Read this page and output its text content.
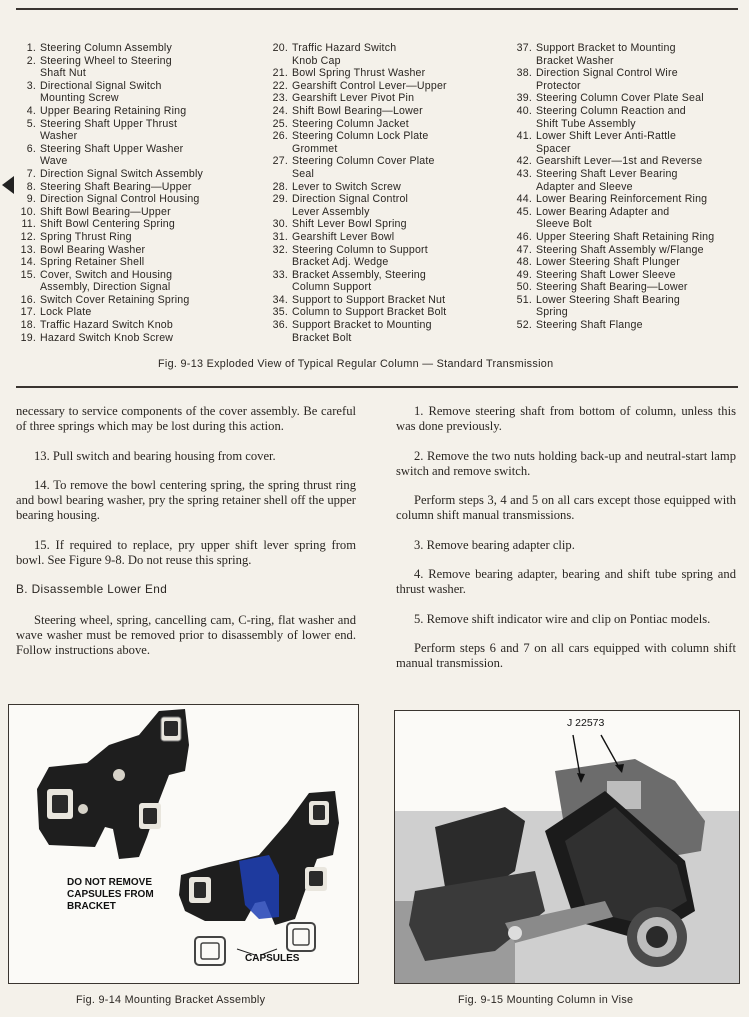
1. Steering Column Assembly
2. Steering Wheel to Steering
Shaft Nut
3. Directional Signal Switch
Mounting Screw
4. Upper Bearing Retaining Ring
5. Steering Shaft Upper Thrust
Washer
6. Steering Shaft Upper Washer
Wave
7. Direction Signal Switch Assembly
8. Steering Shaft Bearing—Upper
9. Direction Signal Control Housing
10. Shift Bowl Bearing—Upper
11. Shift Bowl Centering Spring
12. Spring Thrust Ring
13. Bowl Bearing Washer
14. Spring Retainer Shell
15. Cover, Switch and Housing
Assembly, Direction Signal
16. Switch Cover Retaining Spring
17. Lock Plate
18. Traffic Hazard Switch Knob
19. Hazard Switch Knob Screw
20. Traffic Hazard Switch
Knob Cap
21. Bowl Spring Thrust Washer
22. Gearshift Control Lever—Upper
23. Gearshift Lever Pivot Pin
24. Shift Bowl Bearing—Lower
25. Steering Column Jacket
26. Steering Column Lock Plate
Grommet
27. Steering Column Cover Plate
Seal
28. Lever to Switch Screw
29. Direction Signal Control
Lever Assembly
30. Shift Lever Bowl Spring
31. Gearshift Lever Bowl
32. Steering Column to Support
Bracket Adj. Wedge
33. Bracket Assembly, Steering
Column Support
34. Support to Support Bracket Nut
35. Column to Support Bracket Bolt
36. Support Bracket to Mounting
Bracket Bolt
37. Support Bracket to Mounting
Bracket Washer
38. Direction Signal Control Wire
Protector
39. Steering Column Cover Plate Seal
40. Steering Column Reaction and
Shift Tube Assembly
41. Lower Shift Lever Anti-Rattle
Spacer
42. Gearshift Lever—1st and Reverse
43. Steering Shaft Lever Bearing
Adapter and Sleeve
44. Lower Bearing Reinforcement Ring
45. Lower Bearing Adapter and
Sleeve Bolt
46. Upper Steering Shaft Retaining Ring
47. Steering Shaft Assembly w/Flange
48. Lower Steering Shaft Plunger
49. Steering Shaft Lower Sleeve
50. Steering Shaft Bearing—Lower
51. Lower Steering Shaft Bearing
Spring
52. Steering Shaft Flange
Fig. 9-13 Exploded View of Typical Regular Column — Standard Transmission

necessary to service components of the cover assembly. Be careful of three springs which may be lost during this action.

13. Pull switch and bearing housing from cover.

14. To remove the bowl centering spring, the spring thrust ring and bowl bearing washer, pry the spring retainer shell off the upper bearing housing.

15. If required to replace, pry upper shift lever spring from bowl. See Figure 9-8. Do not reuse this spring.

B. Disassemble Lower End

Steering wheel, spring, cancelling cam, C-ring, flat washer and wave washer must be removed prior to disassembly of lower end. Follow instructions above.

1. Remove steering shaft from bottom of column, unless this was done previously.

2. Remove the two nuts holding back-up and neutral-start lamp switch and remove switch.

Perform steps 3, 4 and 5 on all cars except those equipped with column shift manual transmissions.

3. Remove bearing adapter clip.

4. Remove bearing adapter, bearing and shift tube spring and thrust washer.

5. Remove shift indicator wire and clip on Pontiac models.

Perform steps 6 and 7 on all cars equipped with column shift manual transmission.

DO NOT REMOVE
CAPSULES FROM
BRACKET
CAPSULES
Fig. 9-14 Mounting Bracket Assembly
J 22573
Fig. 9-15 Mounting Column in Vise
